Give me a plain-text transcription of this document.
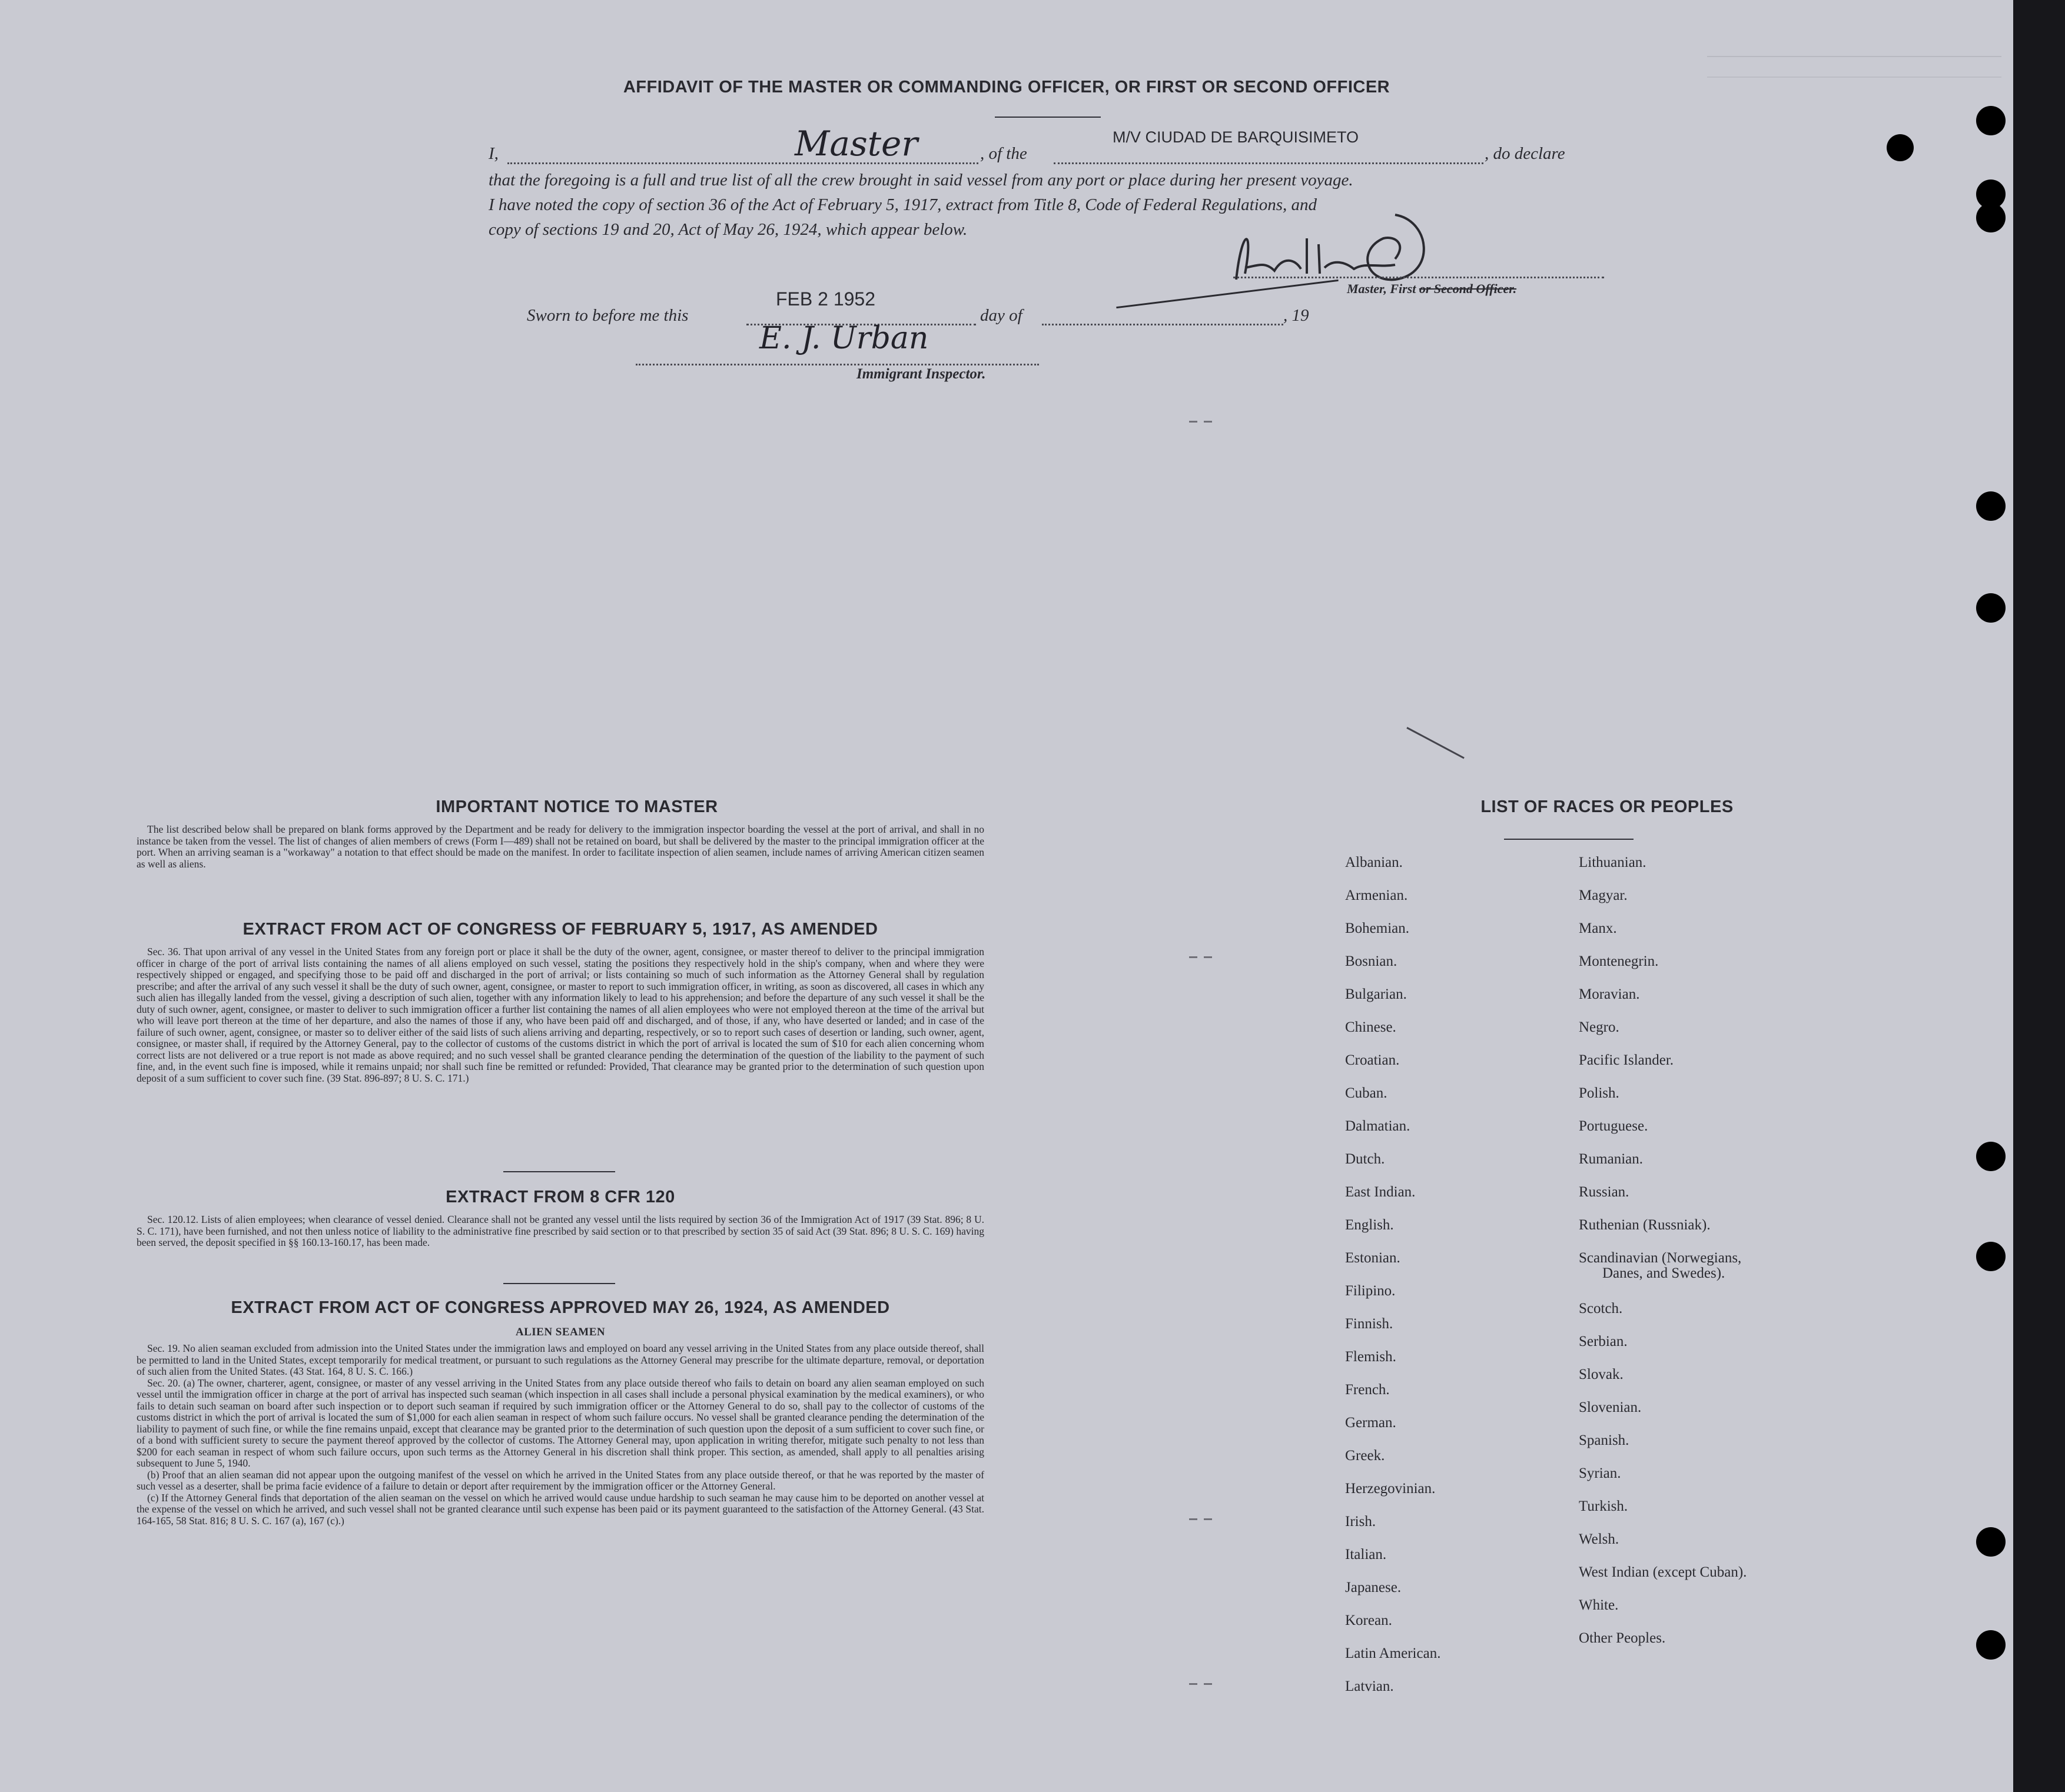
AFFIDAVIT OF THE MASTER OR COMMANDING OFFICER, OR FIRST OR SECOND OFFICER
I,	Master	, of the
M/V CIUDAD DE BARQUISIMETO
, do declare
that the foregoing is a full and true list of all the crew brought in said vessel from any port or place during her present voyage.
I have noted the copy of section 36 of the Act of February 5, 1917, extract from Title 8, Code of Federal Regulations, and
copy of sections 19 and 20, Act of May 26, 1924, which appear below.
Master, First or Second Officer.
Sworn to before me this
FEB 2 1952
day of	, 19
E. J. Urban
Immigrant Inspector.
IMPORTANT NOTICE TO MASTER

The list described below shall be prepared on blank forms approved by the Department and be ready for delivery to the immigration inspector boarding the vessel at the port of arrival, and shall in no instance be taken from the vessel. The list of changes of alien members of crews (Form I—489) shall not be retained on board, but shall be delivered by the master to the principal immigration officer at the port. When an arriving seaman is a "workaway" a notation to that effect should be made on the manifest. In order to facilitate inspection of alien seamen, include names of arriving American citizen seamen as well as aliens.

EXTRACT FROM ACT OF CONGRESS OF FEBRUARY 5, 1917, AS AMENDED

Sec. 36. That upon arrival of any vessel in the United States from any foreign port or place it shall be the duty of the owner, agent, consignee, or master thereof to deliver to the principal immigration officer in charge of the port of arrival lists containing the names of all aliens employed on such vessel, stating the positions they respectively hold in the ship's company, when and where they were respectively shipped or engaged, and specifying those to be paid off and discharged in the port of arrival; or lists containing so much of such information as the Attorney General shall by regulation prescribe; and after the arrival of any such vessel it shall be the duty of such owner, agent, consignee, or master to report to such immigration officer, in writing, as soon as discovered, all cases in which any such alien has illegally landed from the vessel, giving a description of such alien, together with any information likely to lead to his apprehension; and before the departure of any such vessel it shall be the duty of such owner, agent, consignee, or master to deliver to such immigration officer a further list containing the names of all alien employees who were not employed thereon at the time of the arrival but who will leave port thereon at the time of her departure, and also the names of those if any, who have been paid off and discharged, and of those, if any, who have deserted or landed; and in case of the failure of such owner, agent, consignee, or master so to deliver either of the said lists of such aliens arriving and departing, respectively, or so to report such cases of desertion or landing, such owner, agent, consignee, or master shall, if required by the Attorney General, pay to the collector of customs of the customs district in which the port of arrival is located the sum of $10 for each alien concerning whom correct lists are not delivered or a true report is not made as above required; and no such vessel shall be granted clearance pending the determination of the question of the liability to the payment of such fine, and, in the event such fine is imposed, while it remains unpaid; nor shall such fine be remitted or refunded: Provided, That clearance may be granted prior to the determination of such question upon deposit of a sum sufficient to cover such fine. (39 Stat. 896-897; 8 U. S. C. 171.)

EXTRACT FROM 8 CFR 120

Sec. 120.12. Lists of alien employees; when clearance of vessel denied. Clearance shall not be granted any vessel until the lists required by section 36 of the Immigration Act of 1917 (39 Stat. 896; 8 U. S. C. 171), have been furnished, and not then unless notice of liability to the administrative fine prescribed by said section or to that prescribed by section 35 of said Act (39 Stat. 896; 8 U. S. C. 169) having been served, the deposit specified in §§ 160.13-160.17, has been made.

EXTRACT FROM ACT OF CONGRESS APPROVED MAY 26, 1924, AS AMENDED
ALIEN SEAMEN

Sec. 19. No alien seaman excluded from admission into the United States under the immigration laws and employed on board any vessel arriving in the United States from any place outside thereof, shall be permitted to land in the United States, except temporarily for medical treatment, or pursuant to such regulations as the Attorney General may prescribe for the ultimate departure, removal, or deportation of such alien from the United States. (43 Stat. 164, 8 U. S. C. 166.)

Sec. 20. (a) The owner, charterer, agent, consignee, or master of any vessel arriving in the United States from any place outside thereof who fails to detain on board any alien seaman employed on such vessel until the immigration officer in charge at the port of arrival has inspected such seaman (which inspection in all cases shall include a personal physical examination by the medical examiners), or who fails to detain such seaman on board after such inspection or to deport such seaman if required by such immigration officer or the Attorney General to do so, shall pay to the collector of customs of the customs district in which the port of arrival is located the sum of $1,000 for each alien seaman in respect of whom such failure occurs. No vessel shall be granted clearance pending the determination of the liability to payment of such fine, or while the fine remains unpaid, except that clearance may be granted prior to the determination of such question upon the deposit of a sum sufficient to cover such fine, or of a bond with sufficient surety to secure the payment thereof approved by the collector of customs. The Attorney General may, upon application in writing therefor, mitigate such penalty to not less than $200 for each seaman in respect of whom such failure occurs, upon such terms as the Attorney General in his discretion shall think proper. This section, as amended, shall apply to all penalties arising subsequent to June 5, 1940.

(b) Proof that an alien seaman did not appear upon the outgoing manifest of the vessel on which he arrived in the United States from any place outside thereof, or that he was reported by the master of such vessel as a deserter, shall be prima facie evidence of a failure to detain or deport after requirement by the immigration officer or the Attorney General.

(c) If the Attorney General finds that deportation of the alien seaman on the vessel on which he arrived would cause undue hardship to such seaman he may cause him to be deported on another vessel at the expense of the vessel on which he arrived, and such vessel shall not be granted clearance until such expense has been paid or its payment guaranteed to the satisfaction of the Attorney General. (43 Stat. 164-165, 58 Stat. 816; 8 U. S. C. 167 (a), 167 (c).)

LIST OF RACES OR PEOPLES
Albanian.
Armenian.
Bohemian.
Bosnian.
Bulgarian.
Chinese.
Croatian.
Cuban.
Dalmatian.
Dutch.
East Indian.
English.
Estonian.
Filipino.
Finnish.
Flemish.
French.
German.
Greek.
Herzegovinian.
Irish.
Italian.
Japanese.
Korean.
Latin American.
Latvian.
Lithuanian.
Magyar.
Manx.
Montenegrin.
Moravian.
Negro.
Pacific Islander.
Polish.
Portuguese.
Rumanian.
Russian.
Ruthenian (Russniak).
Scandinavian (Norwegians,
Danes, and Swedes).
Scotch.
Serbian.
Slovak.
Slovenian.
Spanish.
Syrian.
Turkish.
Welsh.
West Indian (except Cuban).
White.
Other Peoples.
